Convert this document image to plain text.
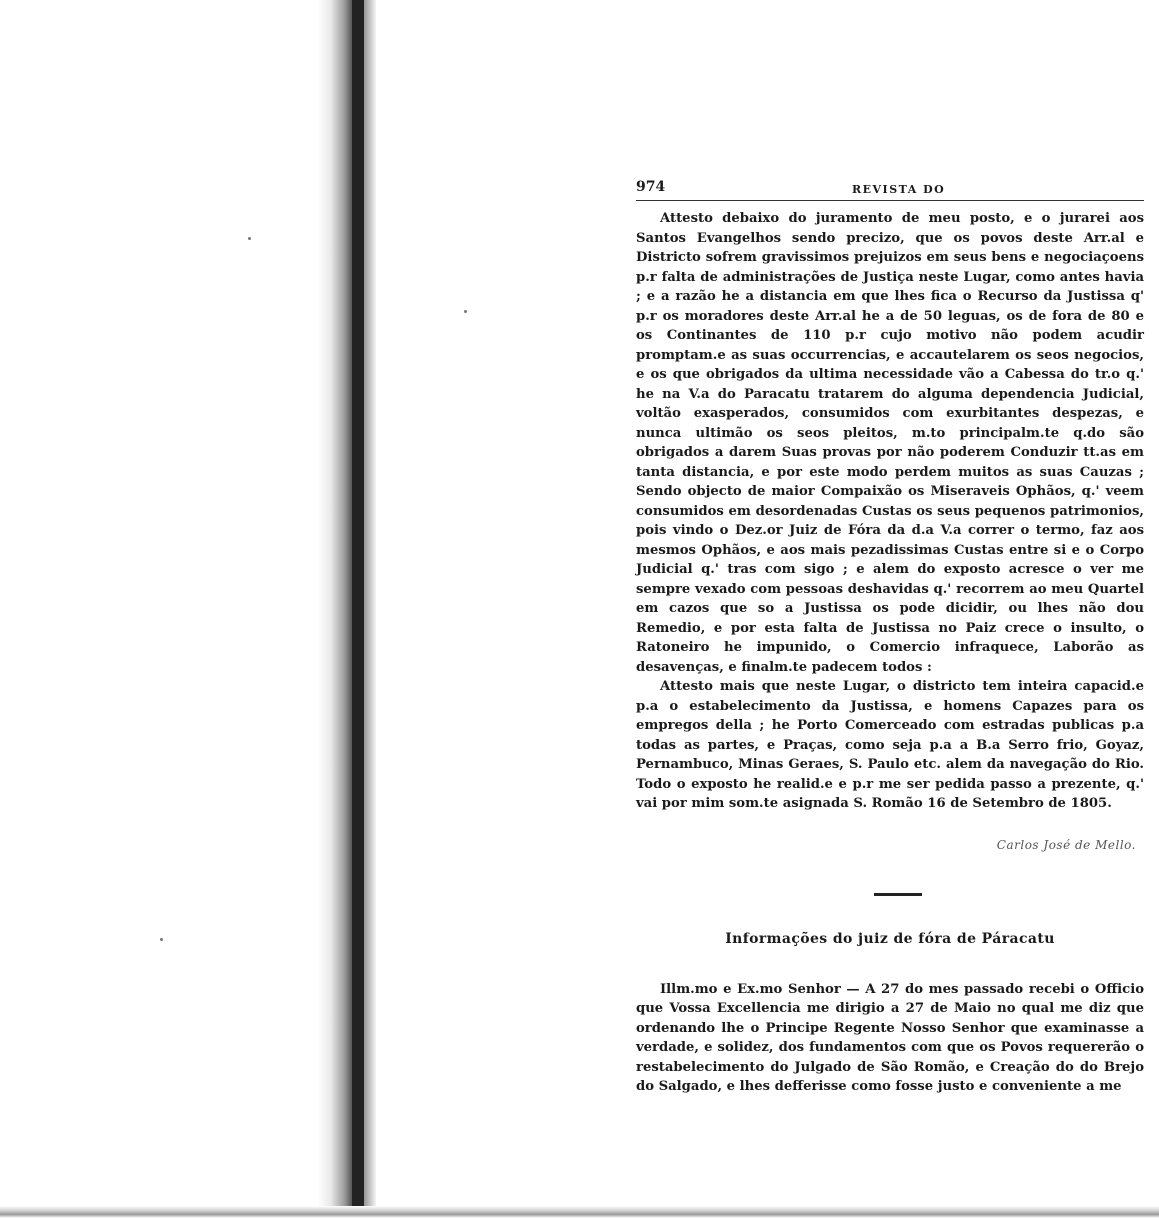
974	REVISTA DO

Attesto debaixo do juramento de meu posto, e o jurarei aos Santos Evangelhos sendo precizo, que os povos deste Arr.al e Districto sofrem gravissimos prejuizos em seus bens e negociaçoens p.r falta de administrações de Justiça neste Lugar, como antes havia ; e a razão he a distancia em que lhes fica o Recurso da Justissa q' p.r os moradores deste Arr.al he a de 50 leguas, os de fora de 80 e os Continantes de 110 p.r cujo motivo não podem acudir promptam.e as suas occurrencias, e accautelarem os seos negocios, e os que obrigados da ultima necessidade vão a Cabessa do tr.o q.' he na V.a do Paracatu tratarem do alguma dependencia Judicial, voltão exasperados, consumidos com exurbitantes despezas, e nunca ultimão os seos pleitos, m.to principalm.te q.do são obrigados a darem Suas provas por não poderem Conduzir tt.as em tanta distancia, e por este modo perdem muitos as suas Cauzas ; Sendo objecto de maior Compaixão os Miseraveis Ophãos, q.' veem consumidos em desordenadas Custas os seus pequenos patrimonios, pois vindo o Dez.or Juiz de Fóra da d.a V.a correr o termo, faz aos mesmos Ophãos, e aos mais pezadissimas Custas entre si e o Corpo Judicial q.' tras com sigo ; e alem do exposto acresce o ver me sempre vexado com pessoas deshavidas q.' recorrem ao meu Quartel em cazos que so a Justissa os pode dicidir, ou lhes não dou Remedio, e por esta falta de Justissa no Paiz crece o insulto, o Ratoneiro he impunido, o Comercio infraquece, Laborão as desavenças, e finalm.te padecem todos :

Attesto mais que neste Lugar, o districto tem inteira capacid.e p.a o estabelecimento da Justissa, e homens Capazes para os empregos della ; he Porto Comerceado com estradas publicas p.a todas as partes, e Praças, como seja p.a a B.a Serro frio, Goyaz, Pernambuco, Minas Geraes, S. Paulo etc. alem da navegação do Rio. Todo o exposto he realid.e e p.r me ser pedida passo a prezente, q.' vai por mim som.te asignada S. Romão 16 de Setembro de 1805.

Carlos José de Mello.
Informações do juiz de fóra de Páracatu

Illm.mo e Ex.mo Senhor — A 27 do mes passado recebi o Officio que Vossa Excellencia me dirigio a 27 de Maio no qual me diz que ordenando lhe o Principe Regente Nosso Senhor que examinasse a verdade, e solidez, dos fundamentos com que os Povos requererão o restabelecimento do Julgado de São Romão, e Creação do do Brejo do Salgado, e lhes defferisse como fosse justo e conveniente a me
